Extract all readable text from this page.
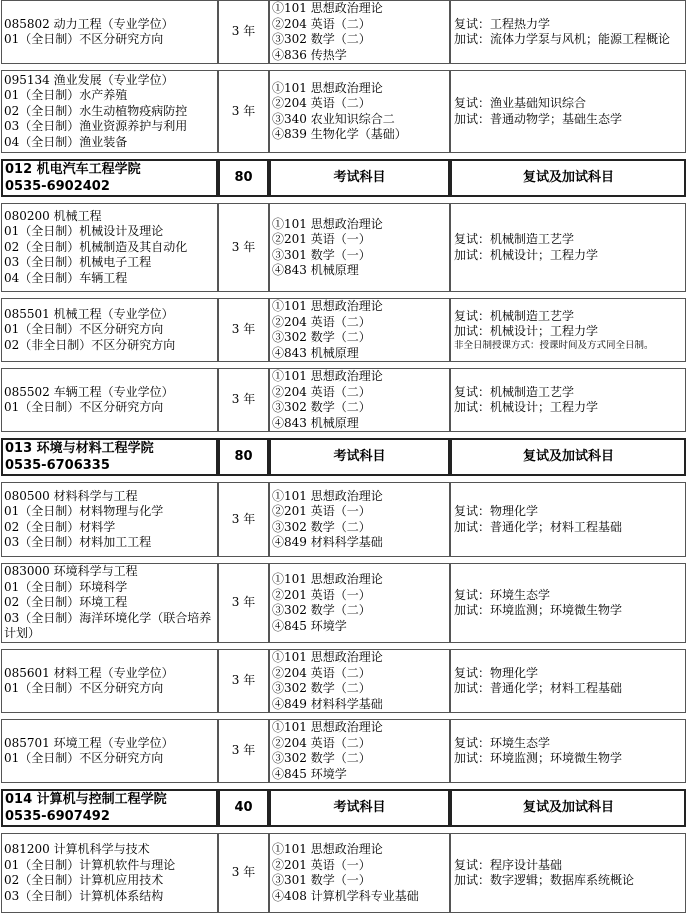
085802 动力工程（专业学位）
01（全日制）不区分研究方向	3 年	①101 思想政治理论
②204 英语（二）
③302 数学（二）
④836 传热学	复试：工程热力学
加试：流体力学泵与风机；能源工程概论

095134 渔业发展（专业学位）
01（全日制）水产养殖
02（全日制）水生动植物疫病防控
03（全日制）渔业资源养护与利用
04（全日制）渔业装备	3 年	①101 思想政治理论
②204 英语（二）
③340 农业知识综合二
④839 生物化学（基础）	复试：渔业基础知识综合
加试：普通动物学；基础生态学

012 机电汽车工程学院
0535-6902402	80	考试科目	复试及加试科目

080200 机械工程
01（全日制）机械设计及理论
02（全日制）机械制造及其自动化
03（全日制）机械电子工程
04（全日制）车辆工程	3 年	①101 思想政治理论
②201 英语（一）
③301 数学（一）
④843 机械原理	复试：机械制造工艺学
加试：机械设计；工程力学

085501 机械工程（专业学位）
01（全日制）不区分研究方向
02（非全日制）不区分研究方向	3 年	①101 思想政治理论
②204 英语（二）
③302 数学（二）
④843 机械原理	复试：机械制造工艺学
加试：机械设计；工程力学
非全日制授课方式：授课时间及方式同全日制。

085502 车辆工程（专业学位）
01（全日制）不区分研究方向	3 年	①101 思想政治理论
②204 英语（二）
③302 数学（二）
④843 机械原理	复试：机械制造工艺学
加试：机械设计；工程力学

013 环境与材料工程学院
0535-6706335	80	考试科目	复试及加试科目

080500 材料科学与工程
01（全日制）材料物理与化学
02（全日制）材料学
03（全日制）材料加工工程	3 年	①101 思想政治理论
②201 英语（一）
③302 数学（二）
④849 材料科学基础	复试：物理化学
加试：普通化学；材料工程基础

083000 环境科学与工程
01（全日制）环境科学
02（全日制）环境工程
03（全日制）海洋环境化学（联合培养计划）	3 年	①101 思想政治理论
②201 英语（一）
③302 数学（二）
④845 环境学	复试：环境生态学
加试：环境监测；环境微生物学

085601 材料工程（专业学位）
01（全日制）不区分研究方向	3 年	①101 思想政治理论
②204 英语（二）
③302 数学（二）
④849 材料科学基础	复试：物理化学
加试：普通化学；材料工程基础

085701 环境工程（专业学位）
01（全日制）不区分研究方向	3 年	①101 思想政治理论
②204 英语（二）
③302 数学（二）
④845 环境学	复试：环境生态学
加试：环境监测；环境微生物学

014 计算机与控制工程学院
0535-6907492	40	考试科目	复试及加试科目

081200 计算机科学与技术
01（全日制）计算机软件与理论
02（全日制）计算机应用技术
03（全日制）计算机体系结构	3 年	①101 思想政治理论
②201 英语（一）
③301 数学（一）
④408 计算机学科专业基础	复试：程序设计基础
加试：数字逻辑；数据库系统概论
